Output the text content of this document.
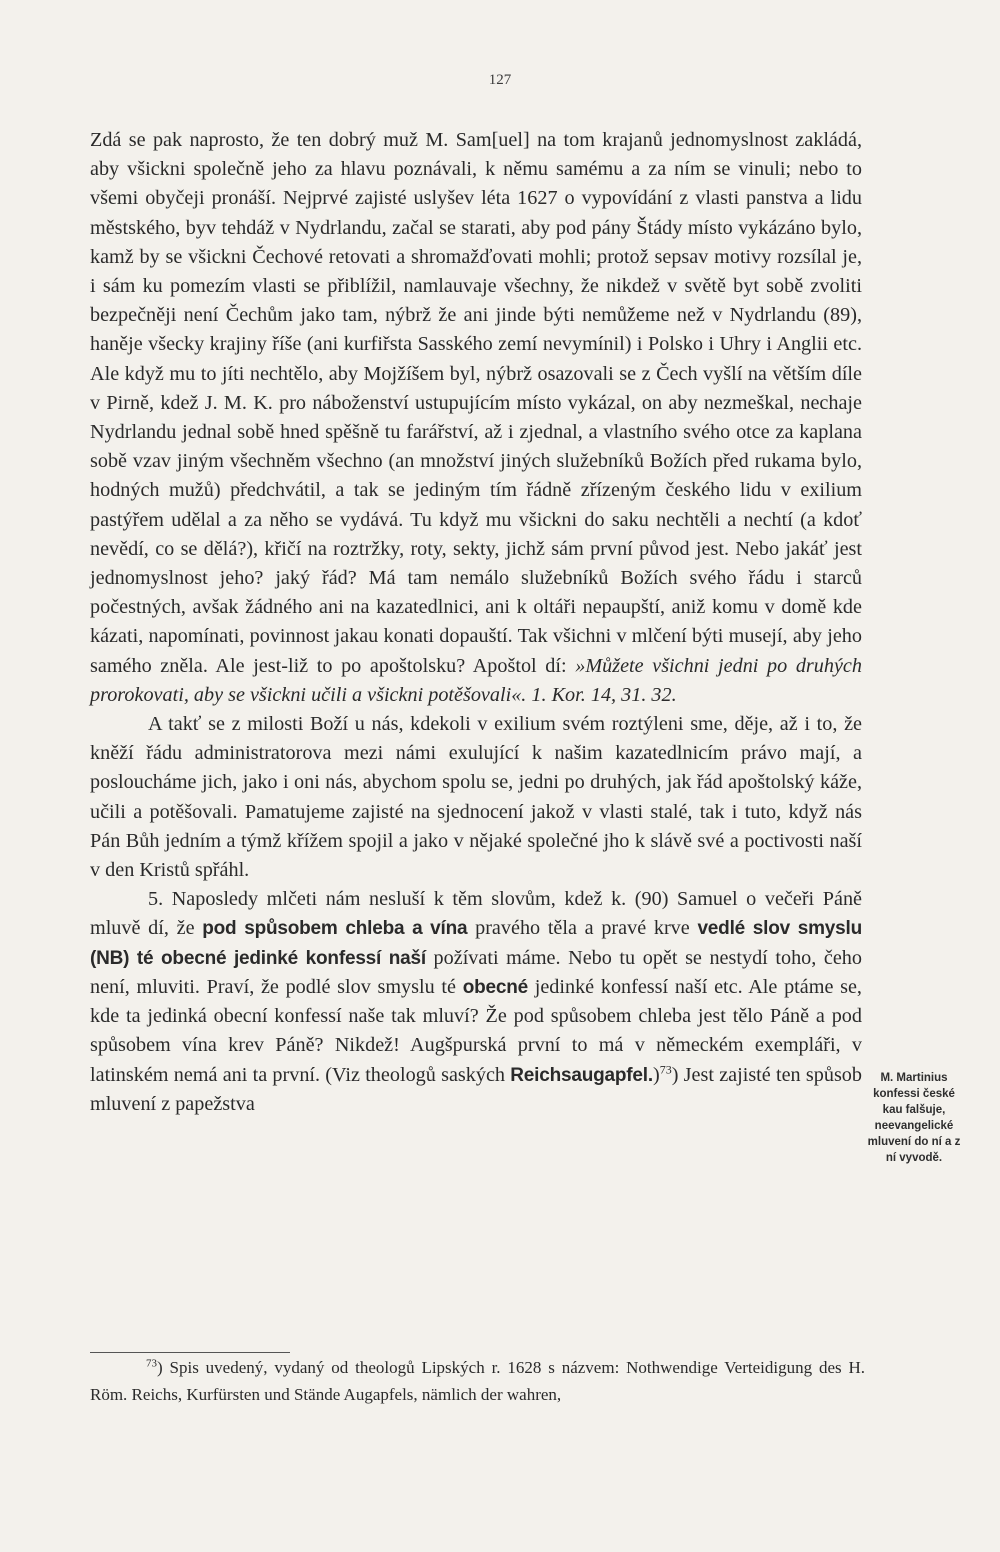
127

Zdá se pak naprosto, že ten dobrý muž M. Sam[uel] na tom krajanů jednomyslnost zakládá, aby všickni společně jeho za hlavu poznávali, k němu samému a za ním se vinuli; nebo to všemi obyčeji pronáší. Nejprvé zajisté uslyšev léta 1627 o vypovídání z vlasti panstva a lidu městského, byv tehdáž v Nydrlandu, začal se starati, aby pod pány Štády místo vykázáno bylo, kamž by se všickni Čechové retovati a shromažďovati mohli; protož sepsav motivy rozsílal je, i sám ku pomezím vlasti se přiblížil, namlauvaje všechny, že nikdež v světě byt sobě zvoliti bezpečněji není Čechům jako tam, nýbrž že ani jinde býti nemůžeme než v Nydrlandu (89), haněje všecky krajiny říše (ani kurfiřsta Sasského zemí nevymínil) i Polsko i Uhry i Anglii etc. Ale když mu to jíti nechtělo, aby Mojžíšem byl, nýbrž osazovali se z Čech vyšlí na větším díle v Pirně, kdež J. M. K. pro náboženství ustupujícím místo vykázal, on aby nezmeškal, nechaje Nydrlandu jednal sobě hned spěšně tu farářství, až i zjednal, a vlastního svého otce za kaplana sobě vzav jiným všechněm všechno (an množství jiných služebníků Božích před rukama bylo, hodných mužů) předchvátil, a tak se jediným tím řádně zřízeným českého lidu v exilium pastýřem udělal a za něho se vydává. Tu když mu všickni do saku nechtěli a nechtí (a kdoť nevědí, co se dělá?), křičí na roztržky, roty, sekty, jichž sám první původ jest. Nebo jakáť jest jednomyslnost jeho? jaký řád? Má tam nemálo služebníků Božích svého řádu i starců počestných, avšak žádného ani na kazatedlnici, ani k oltáři nepaupští, aniž komu v domě kde kázati, napomínati, povinnost jakau konati dopauští. Tak všichni v mlčení býti musejí, aby jeho samého zněla. Ale jest-liž to po apoštolsku? Apoštol dí: »Můžete všichni jedni po druhých prorokovati, aby se všickni učili a všickni potěšovali«. 1. Kor. 14, 31. 32.

A takť se z milosti Boží u nás, kdekoli v exilium svém roztýleni sme, děje, až i to, že kněží řádu administratorova mezi námi exulující k našim kazatedlnicím právo mají, a posloucháme jich, jako i oni nás, abychom spolu se, jedni po druhých, jak řád apoštolský káže, učili a potěšovali. Pamatujeme zajisté na sjednocení jakož v vlasti stalé, tak i tuto, když nás Pán Bůh jedním a týmž křížem spojil a jako v nějaké společné jho k slávě své a poctivosti naší v den Kristů spřáhl.

5. Naposledy mlčeti nám nesluší k těm slovům, kdež k. (90) Samuel o večeři Páně mluvě dí, že pod spůsobem chleba a vína pravého těla a pravé krve vedlé slov smyslu (NB) té obecné jedinké konfessí naší požívati máme. Nebo tu opět se nestydí toho, čeho není, mluviti. Praví, že podlé slov smyslu té obecné jedinké konfessí naší etc. Ale ptáme se, kde ta jedinká obecní konfessí naše tak mluví? Že pod spůsobem chleba jest tělo Páně a pod spůsobem vína krev Páně? Nikdež! Augšpurská první to má v německém exempláři, v latinském nemá ani ta první. (Viz theologů saských Reichsaugapfel.)$^{73}$) Jest zajisté ten spůsob mluvení z papežstva

M. Martinius konfessi české kau falšuje, neevangelické mluvení do ní a z ní vyvodě.
$^{73}$) Spis uvedený, vydaný od theologů Lipských r. 1628 s názvem: Nothwendige Verteidigung des H. Röm. Reichs, Kurfürsten und Stände Augapfels, nämlich der wahren,
